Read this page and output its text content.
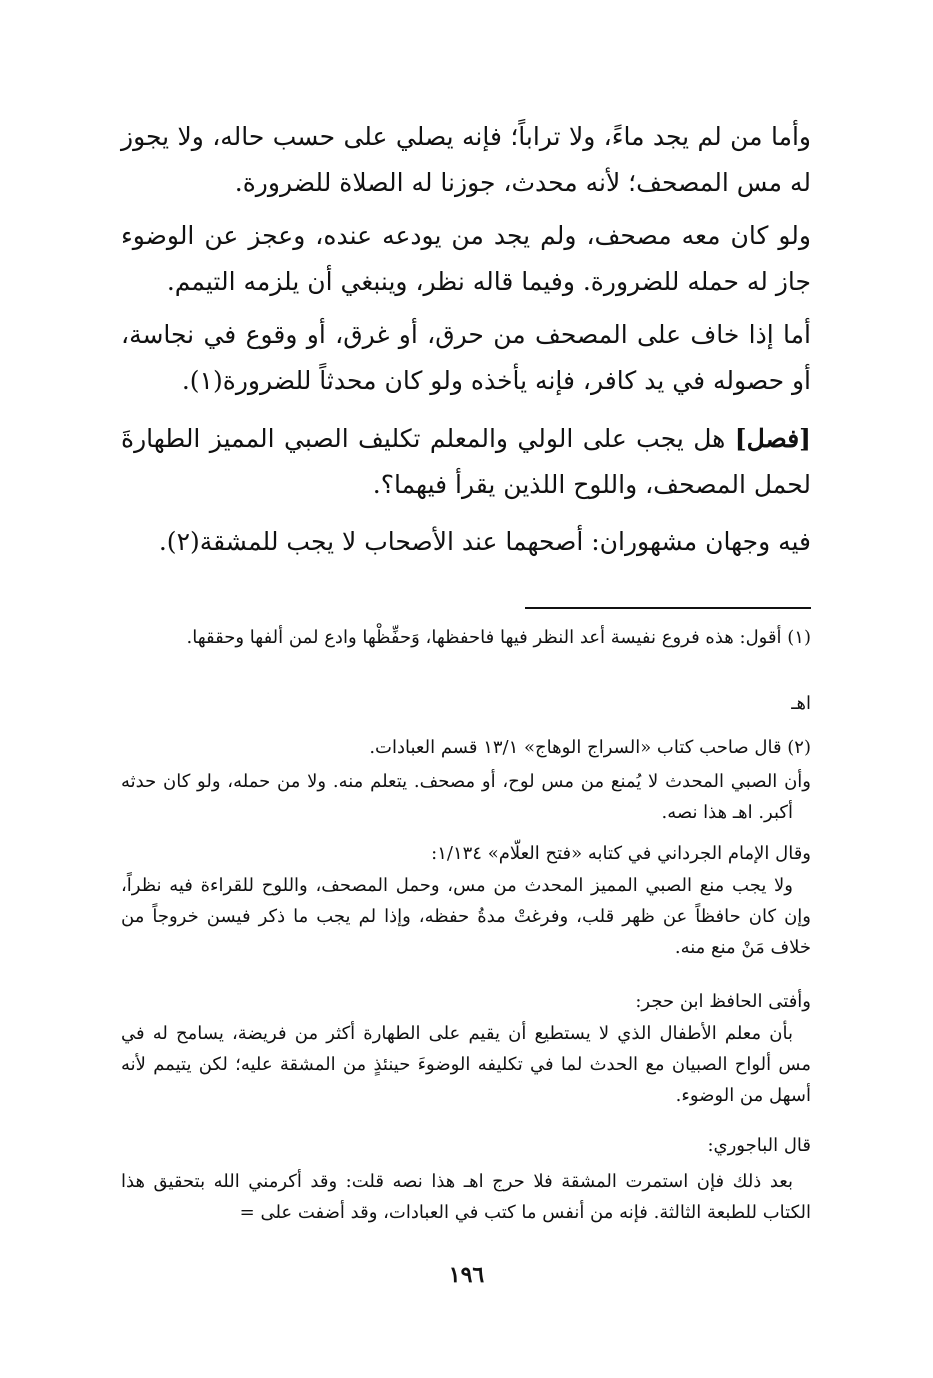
وأما من لم يجد ماءً، ولا تراباً؛ فإنه يصلي على حسب حاله، ولا يجوز له مس المصحف؛ لأنه محدث، جوزنا له الصلاة للضرورة.

ولو كان معه مصحف، ولم يجد من يودعه عنده، وعجز عن الوضوء جاز له حمله للضرورة. وفيما قاله نظر، وينبغي أن يلزمه التيمم.

أما إذا خاف على المصحف من حرق، أو غرق، أو وقوع في نجاسة، أو حصوله في يد كافر، فإنه يأخذه ولو كان محدثاً للضرورة(١).

[فصل] هل يجب على الولي والمعلم تكليف الصبي المميز الطهارةَ لحمل المصحف، واللوح اللذين يقرأ فيهما؟.

فيه وجهان مشهوران: أصحهما عند الأصحاب لا يجب للمشقة(٢).

(١) أقول: هذه فروع نفيسة أعد النظر فيها فاحفظها، وَحفِّظْها وادع لمن ألفها وحققها.

اهـ

(٢) قال صاحب كتاب «السراج الوهاج» ١٣/١ قسم العبادات.

وأن الصبي المحدث لا يُمنع من مس لوح، أو مصحف. يتعلم منه. ولا من حمله، ولو كان حدثه أكبر. اهـ هذا نصه.

وقال الإمام الجرداني في كتابه «فتح العلّام» ١/١٣٤:

ولا يجب منع الصبي المميز المحدث من مس، وحمل المصحف، واللوح للقراءة فيه نظراً، وإن كان حافظاً عن ظهر قلب، وفرغتْ مدةُ حفظه، وإذا لم يجب ما ذكر فيسن خروجاً من خلاف مَنْ منع منه.

وأفتى الحافظ ابن حجر:

بأن معلم الأطفال الذي لا يستطيع أن يقيم على الطهارة أكثر من فريضة، يسامح له في مس ألواح الصبيان مع الحدث لما في تكليفه الوضوءَ حينئذٍ من المشقة عليه؛ لكن يتيمم لأنه أسهل من الوضوء.

قال الباجوري:

بعد ذلك فإن استمرت المشقة فلا حرج اهـ هذا نصه قلت: وقد أكرمني الله بتحقيق هذا الكتاب للطبعة الثالثة. فإنه من أنفس ما كتب في العبادات، وقد أضفت على =

١٩٦
